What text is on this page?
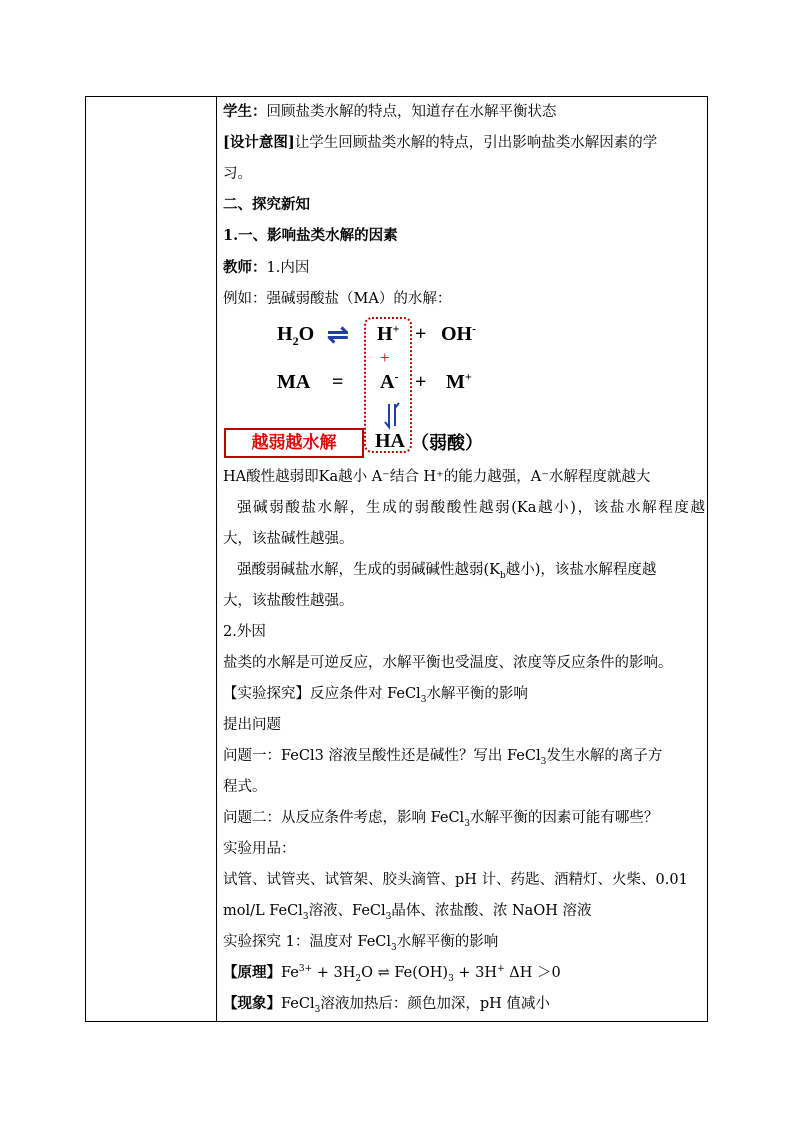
学生：回顾盐类水解的特点，知道存在水解平衡状态
[设计意图]让学生回顾盐类水解的特点，引出影响盐类水解因素的学
习。
二、探究新知
1.一、影响盐类水解的因素
教师：1.内因
例如：强碱弱酸盐（MA）的水解：
$H_2O$ ⇌ H+ + OH-
+
MA = A- + M+
HA （弱酸）
越弱越水解
HA酸性越弱即Ka越小 A⁻结合 H⁺的能力越强，A⁻水解程度就越大
强碱弱酸盐水解，生成的弱酸酸性越弱(Ka越小)，该盐水解程度越
大，该盐碱性越强。
强酸弱碱盐水解，生成的弱碱碱性越弱($K_b$越小)，该盐水解程度越
大，该盐酸性越强。
2.外因
盐类的水解是可逆反应，水解平衡也受温度、浓度等反应条件的影响。
【实验探究】反应条件对 FeCl$_3$水解平衡的影响
提出问题
问题一：FeCl3 溶液呈酸性还是碱性？写出 FeCl$_3$发生水解的离子方
程式。
问题二：从反应条件考虑，影响 FeCl$_3$水解平衡的因素可能有哪些？
实验用品：
试管、试管夹、试管架、胶头滴管、pH 计、药匙、酒精灯、火柴、0.01
mol/L FeCl$_3$溶液、FeCl$_3$晶体、浓盐酸、浓 NaOH 溶液
实验探究 1：温度对 FeCl$_3$水解平衡的影响
【原理】$Fe^{3+} + 3H_2O$ ⇌ $Fe(OH)_3 + 3H^+$ ΔH ＞0
【现象】FeCl$_3$溶液加热后：颜色加深，pH 值减小
